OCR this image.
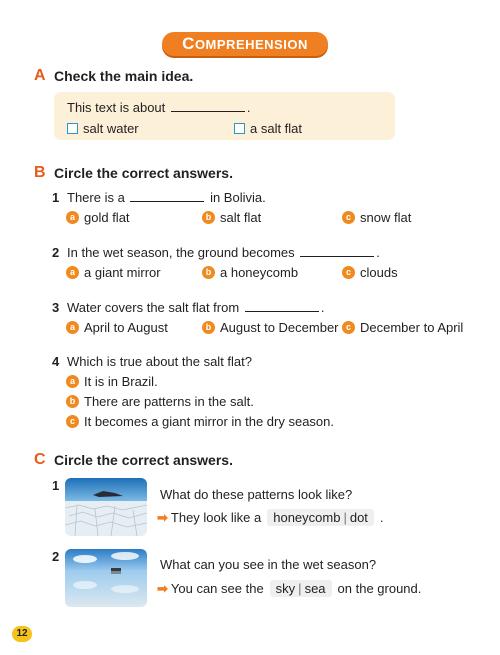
COMPREHENSION
A Check the main idea.
This text is about	.
salt water	a salt flat
B Circle the correct answers.
1 There is a	in Bolivia.
a gold flat	b salt flat	c snow flat
2 In the wet season, the ground becomes	.
a a giant mirror	b a honeycomb	c clouds
3 Water covers the salt flat from	.
a April to August	b August to December c December to April
4 Which is true about the salt flat?
a It is in Brazil.
b There are patterns in the salt.
c It becomes a giant mirror in the dry season.
C Circle the correct answers.
1
What do these patterns look like?
➡ They look like a honeycomb | dot .
2
What can you see in the wet season?
➡ You can see the sky | sea on the ground.
12
